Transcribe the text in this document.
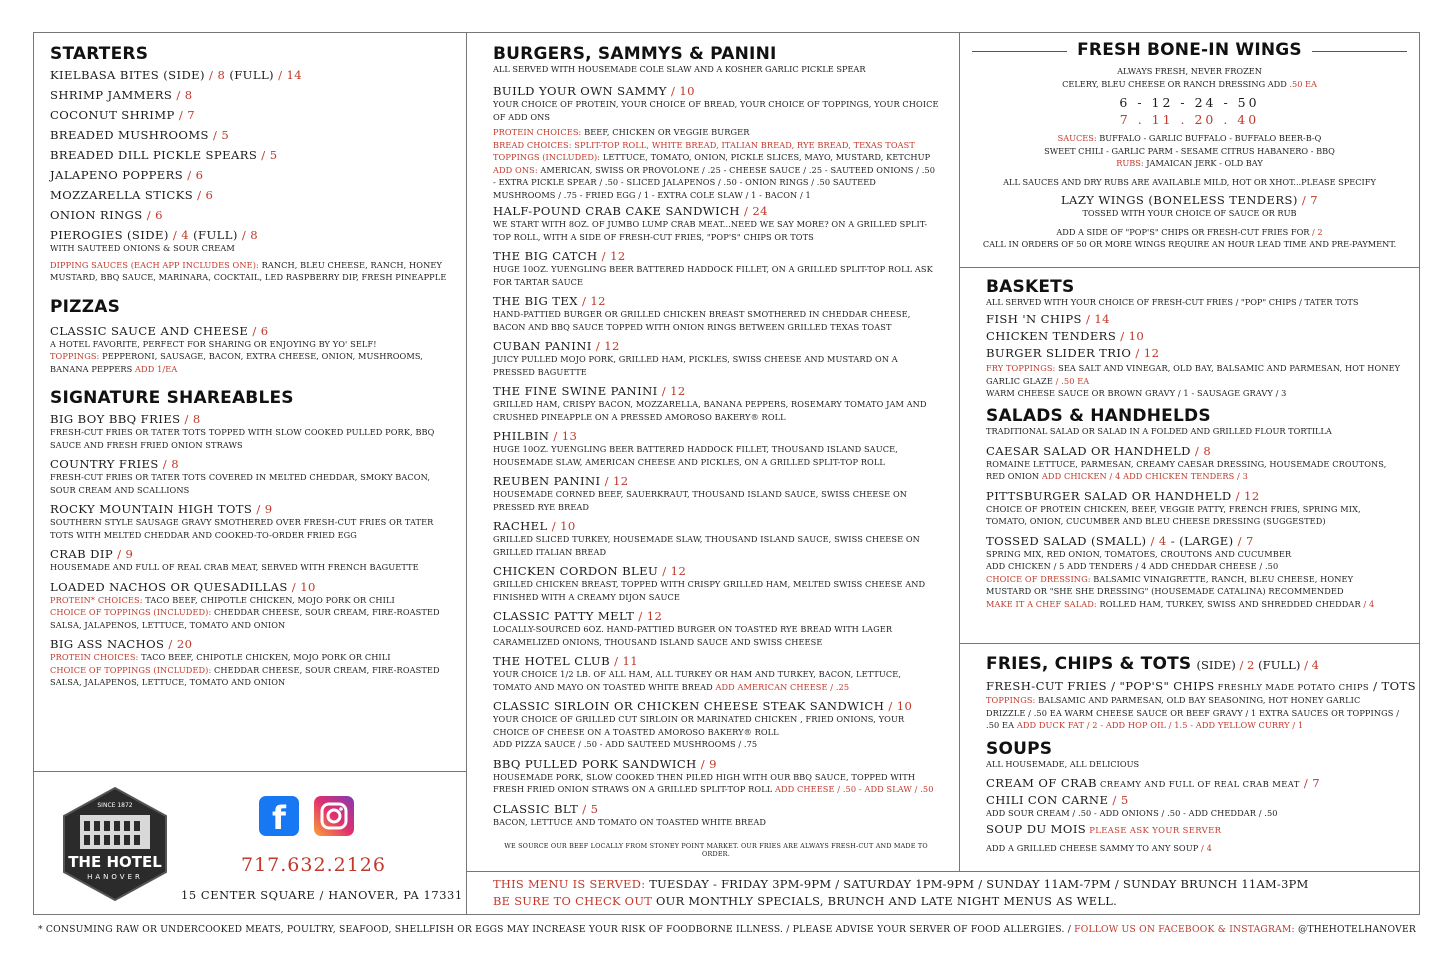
STARTERS
KIELBASA BITES (SIDE) / 8 (FULL) / 14
SHRIMP JAMMERS / 8
COCONUT SHRIMP / 7
BREADED MUSHROOMS / 5
BREADED DILL PICKLE SPEARS / 5
JALAPENO POPPERS / 6
MOZZARELLA STICKS / 6
ONION RINGS / 6
PIEROGIES (SIDE) / 4 (FULL) / 8
WITH SAUTEED ONIONS & SOUR CREAM
DIPPING SAUCES (EACH APP INCLUDES ONE): RANCH, BLEU CHEESE, RANCH, HONEY MUSTARD, BBQ SAUCE, MARINARA, COCKTAIL, LED RASPBERRY DIP, FRESH PINEAPPLE
PIZZAS
CLASSIC SAUCE AND CHEESE / 6
A HOTEL FAVORITE, PERFECT FOR SHARING OR ENJOYING BY YO' SELF!
TOPPINGS: PEPPERONI, SAUSAGE, BACON, EXTRA CHEESE, ONION, MUSHROOMS, BANANA PEPPERS ADD 1/EA
SIGNATURE SHAREABLES
BIG BOY BBQ FRIES / 8
FRESH-CUT FRIES OR TATER TOTS TOPPED WITH SLOW COOKED PULLED PORK, BBQ SAUCE AND FRESH FRIED ONION STRAWS
COUNTRY FRIES / 8
FRESH-CUT FRIES OR TATER TOTS COVERED IN MELTED CHEDDAR, SMOKY BACON, SOUR CREAM AND SCALLIONS
ROCKY MOUNTAIN HIGH TOTS / 9
SOUTHERN STYLE SAUSAGE GRAVY SMOTHERED OVER FRESH-CUT FRIES OR TATER TOTS WITH MELTED CHEDDAR AND COOKED-TO-ORDER FRIED EGG
CRAB DIP / 9
HOUSEMADE AND FULL OF REAL CRAB MEAT, SERVED WITH FRENCH BAGUETTE
LOADED NACHOS OR QUESADILLAS / 10
PROTEIN* CHOICES: TACO BEEF, CHIPOTLE CHICKEN, MOJO PORK OR CHILI
CHOICE OF TOPPINGS (INCLUDED): CHEDDAR CHEESE, SOUR CREAM, FIRE-ROASTED SALSA, JALAPENOS, LETTUCE, TOMATO AND ONION
BIG ASS NACHOS / 20
PROTEIN CHOICES: TACO BEEF, CHIPOTLE CHICKEN, MOJO PORK OR CHILI
CHOICE OF TOPPINGS (INCLUDED): CHEDDAR CHEESE, SOUR CREAM, FIRE-ROASTED SALSA, JALAPENOS, LETTUCE, TOMATO AND ONION
SINCE 1872
THE HOTEL
HANOVER
f
717.632.2126
15 CENTER SQUARE / HANOVER, PA 17331
BURGERS, SAMMYS & PANINI
ALL SERVED WITH HOUSEMADE COLE SLAW AND A KOSHER GARLIC PICKLE SPEAR
BUILD YOUR OWN SAMMY / 10
YOUR CHOICE OF PROTEIN, YOUR CHOICE OF BREAD, YOUR CHOICE OF TOPPINGS, YOUR CHOICE OF ADD ONS
PROTEIN CHOICES: BEEF, CHICKEN OR VEGGIE BURGER
BREAD CHOICES: SPLIT-TOP ROLL, WHITE BREAD, ITALIAN BREAD, RYE BREAD, TEXAS TOAST
TOPPINGS (INCLUDED): LETTUCE, TOMATO, ONION, PICKLE SLICES, MAYO, MUSTARD, KETCHUP
ADD ONS: AMERICAN, SWISS OR PROVOLONE / .25 - CHEESE SAUCE / .25 - SAUTEED ONIONS / .50 - EXTRA PICKLE SPEAR / .50 - SLICED JALAPENOS / .50 - ONION RINGS / .50 SAUTEED MUSHROOMS / .75 - FRIED EGG / 1 - EXTRA COLE SLAW / 1 - BACON / 1
HALF-POUND CRAB CAKE SANDWICH / 24
WE START WITH 8OZ. OF JUMBO LUMP CRAB MEAT...NEED WE SAY MORE? ON A GRILLED SPLIT-TOP ROLL, WITH A SIDE OF FRESH-CUT FRIES, "POP'S" CHIPS OR TOTS
THE BIG CATCH / 12
HUGE 10OZ. YUENGLING BEER BATTERED HADDOCK FILLET, ON A GRILLED SPLIT-TOP ROLL ASK FOR TARTAR SAUCE
THE BIG TEX / 12
HAND-PATTIED BURGER OR GRILLED CHICKEN BREAST SMOTHERED IN CHEDDAR CHEESE, BACON AND BBQ SAUCE TOPPED WITH ONION RINGS BETWEEN GRILLED TEXAS TOAST
CUBAN PANINI / 12
JUICY PULLED MOJO PORK, GRILLED HAM, PICKLES, SWISS CHEESE AND MUSTARD ON A PRESSED BAGUETTE
THE FINE SWINE PANINI / 12
GRILLED HAM, CRISPY BACON, MOZZARELLA, BANANA PEPPERS, ROSEMARY TOMATO JAM AND CRUSHED PINEAPPLE ON A PRESSED AMOROSO BAKERY® ROLL
PHILBIN / 13
HUGE 10OZ. YUENGLING BEER BATTERED HADDOCK FILLET, THOUSAND ISLAND SAUCE, HOUSEMADE SLAW, AMERICAN CHEESE AND PICKLES, ON A GRILLED SPLIT-TOP ROLL
REUBEN PANINI / 12
HOUSEMADE CORNED BEEF, SAUERKRAUT, THOUSAND ISLAND SAUCE, SWISS CHEESE ON PRESSED RYE BREAD
RACHEL / 10
GRILLED SLICED TURKEY, HOUSEMADE SLAW, THOUSAND ISLAND SAUCE, SWISS CHEESE ON GRILLED ITALIAN BREAD
CHICKEN CORDON BLEU / 12
GRILLED CHICKEN BREAST, TOPPED WITH CRISPY GRILLED HAM, MELTED SWISS CHEESE AND FINISHED WITH A CREAMY DIJON SAUCE
CLASSIC PATTY MELT / 12
LOCALLY-SOURCED 6OZ. HAND-PATTIED BURGER ON TOASTED RYE BREAD WITH LAGER CARAMELIZED ONIONS, THOUSAND ISLAND SAUCE AND SWISS CHEESE
THE HOTEL CLUB / 11
YOUR CHOICE 1/2 LB. OF ALL HAM, ALL TURKEY OR HAM AND TURKEY, BACON, LETTUCE, TOMATO AND MAYO ON TOASTED WHITE BREAD ADD AMERICAN CHEESE / .25
CLASSIC SIRLOIN OR CHICKEN CHEESE STEAK SANDWICH / 10
YOUR CHOICE OF GRILLED CUT SIRLOIN OR MARINATED CHICKEN , FRIED ONIONS, YOUR CHOICE OF CHEESE ON A TOASTED AMOROSO BAKERY® ROLL
ADD PIZZA SAUCE / .50 - ADD SAUTEED MUSHROOMS / .75
BBQ PULLED PORK SANDWICH / 9
HOUSEMADE PORK, SLOW COOKED THEN PILED HIGH WITH OUR BBQ SAUCE, TOPPED WITH FRESH FRIED ONION STRAWS ON A GRILLED SPLIT-TOP ROLL ADD CHEESE / .50 - ADD SLAW / .50
CLASSIC BLT / 5
BACON, LETTUCE AND TOMATO ON TOASTED WHITE BREAD
WE SOURCE OUR BEEF LOCALLY FROM STONEY POINT MARKET. OUR FRIES ARE ALWAYS FRESH-CUT AND MADE TO ORDER.
THIS MENU IS SERVED: TUESDAY - FRIDAY 3PM-9PM / SATURDAY 1PM-9PM / SUNDAY 11AM-7PM / SUNDAY BRUNCH 11AM-3PM
BE SURE TO CHECK OUT OUR MONTHLY SPECIALS, BRUNCH AND LATE NIGHT MENUS AS WELL.
FRESH BONE-IN WINGS
ALWAYS FRESH, NEVER FROZEN
CELERY, BLEU CHEESE OR RANCH DRESSING ADD .50 EA
6 - 12 - 24 - 50
7 . 11 . 20 . 40
SAUCES: BUFFALO - GARLIC BUFFALO - BUFFALO BEER-B-Q
SWEET CHILI - GARLIC PARM - SESAME CITRUS HABANERO - BBQ
RUBS: JAMAICAN JERK - OLD BAY
ALL SAUCES AND DRY RUBS ARE AVAILABLE MILD, HOT OR XHOT...PLEASE SPECIFY
LAZY WINGS (BONELESS TENDERS) / 7
TOSSED WITH YOUR CHOICE OF SAUCE OR RUB
ADD A SIDE OF "POP'S" CHIPS OR FRESH-CUT FRIES FOR / 2
CALL IN ORDERS OF 50 OR MORE WINGS REQUIRE AN HOUR LEAD TIME AND PRE-PAYMENT.
BASKETS
ALL SERVED WITH YOUR CHOICE OF FRESH-CUT FRIES / "POP" CHIPS / TATER TOTS
FISH 'N CHIPS / 14
CHICKEN TENDERS / 10
BURGER SLIDER TRIO / 12
FRY TOPPINGS: SEA SALT AND VINEGAR, OLD BAY, BALSAMIC AND PARMESAN, HOT HONEY GARLIC GLAZE / .50 EA
WARM CHEESE SAUCE OR BROWN GRAVY / 1 - SAUSAGE GRAVY / 3
SALADS & HANDHELDS
TRADITIONAL SALAD OR SALAD IN A FOLDED AND GRILLED FLOUR TORTILLA
CAESAR SALAD OR HANDHELD / 8
ROMAINE LETTUCE, PARMESAN, CREAMY CAESAR DRESSING, HOUSEMADE CROUTONS, RED ONION ADD CHICKEN / 4 ADD CHICKEN TENDERS / 3
PITTSBURGER SALAD OR HANDHELD / 12
CHOICE OF PROTEIN CHICKEN, BEEF, VEGGIE PATTY, FRENCH FRIES, SPRING MIX, TOMATO, ONION, CUCUMBER AND BLEU CHEESE DRESSING (SUGGESTED)
TOSSED SALAD (SMALL) / 4 - (LARGE) / 7
SPRING MIX, RED ONION, TOMATOES, CROUTONS AND CUCUMBER
ADD CHICKEN / 5 ADD TENDERS / 4 ADD CHEDDAR CHEESE / .50
CHOICE OF DRESSING: BALSAMIC VINAIGRETTE, RANCH, BLEU CHEESE, HONEY MUSTARD OR "SHE SHE DRESSING" (HOUSEMADE CATALINA) RECOMMENDED
MAKE IT A CHEF SALAD: ROLLED HAM, TURKEY, SWISS AND SHREDDED CHEDDAR / 4
FRIES, CHIPS & TOTS (SIDE) / 2 (FULL) / 4
FRESH-CUT FRIES / "POP'S" CHIPS FRESHLY MADE POTATO CHIPS / TOTS
TOPPINGS: BALSAMIC AND PARMESAN, OLD BAY SEASONING, HOT HONEY GARLIC DRIZZLE / .50 EA WARM CHEESE SAUCE OR BEEF GRAVY / 1 EXTRA SAUCES OR TOPPINGS / .50 EA ADD DUCK FAT / 2 - ADD HOP OIL / 1.5 - ADD YELLOW CURRY / 1
SOUPS
ALL HOUSEMADE, ALL DELICIOUS
CREAM OF CRAB CREAMY AND FULL OF REAL CRAB MEAT / 7
CHILI CON CARNE / 5
ADD SOUR CREAM / .50 - ADD ONIONS / .50 - ADD CHEDDAR / .50
SOUP DU MOIS PLEASE ASK YOUR SERVER
ADD A GRILLED CHEESE SAMMY TO ANY SOUP / 4
* CONSUMING RAW OR UNDERCOOKED MEATS, POULTRY, SEAFOOD, SHELLFISH OR EGGS MAY INCREASE YOUR RISK OF FOODBORNE ILLNESS. / PLEASE ADVISE YOUR SERVER OF FOOD ALLERGIES. / FOLLOW US ON FACEBOOK & INSTAGRAM: @THEHOTELHANOVER
